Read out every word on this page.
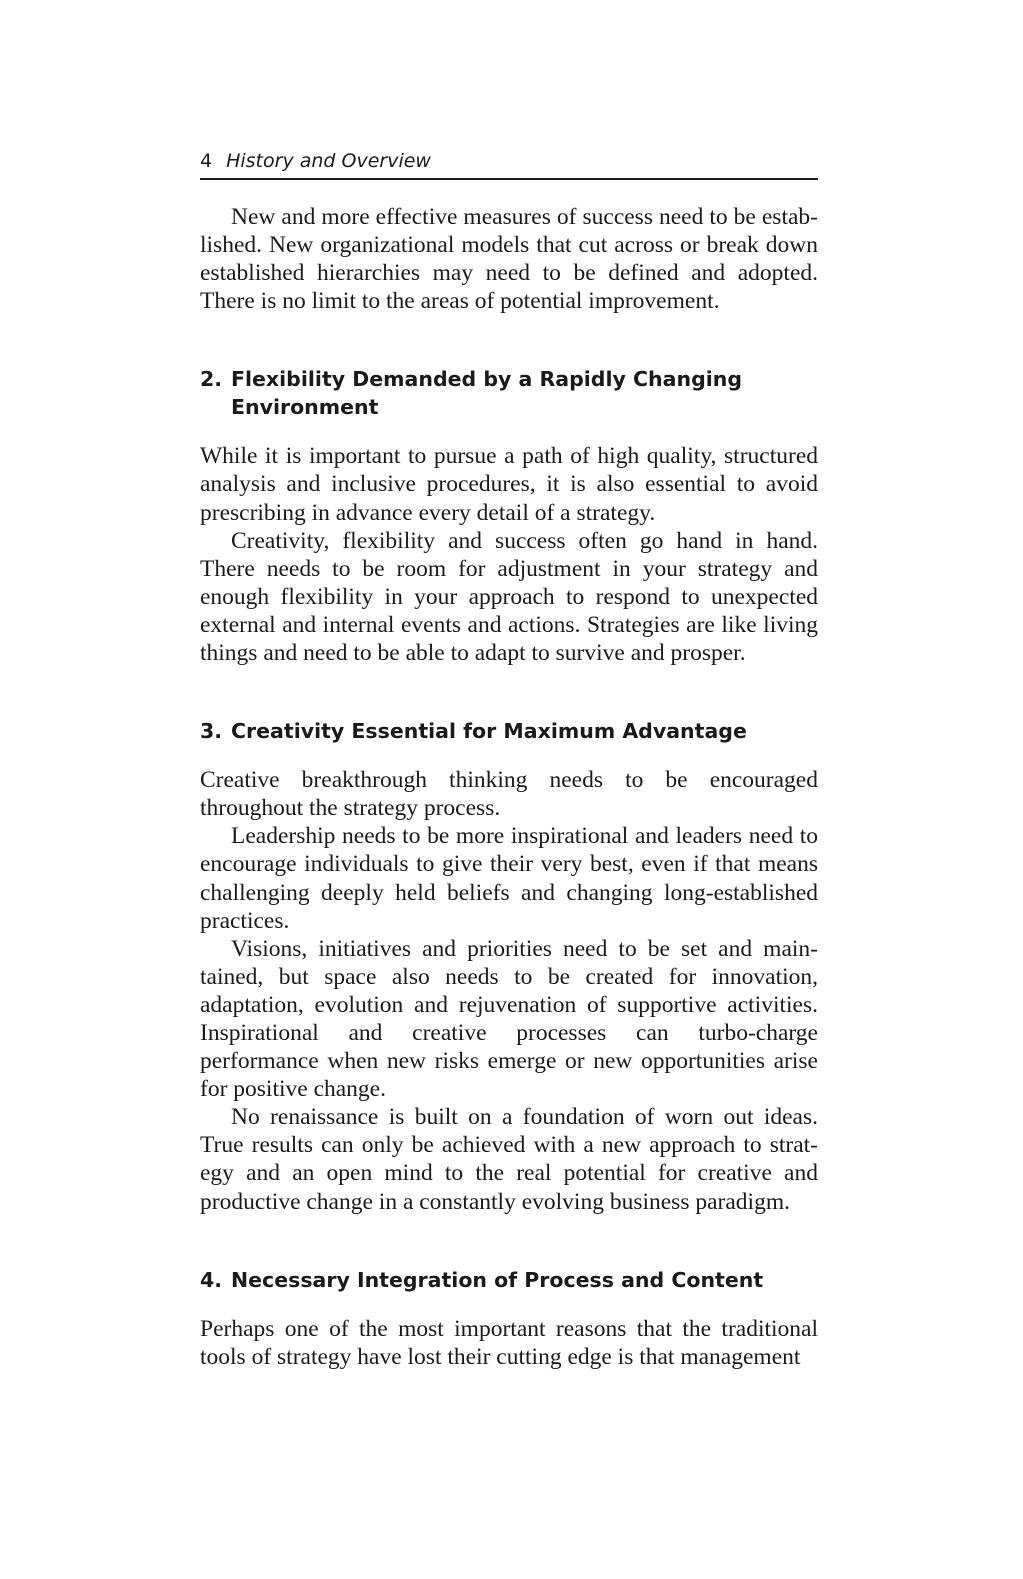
4 History and Overview

New and more effective measures of success need to be established. New organizational models that cut across or break down established hierarchies may need to be defined and adopted. There is no limit to the areas of potential improvement.

2. Flexibility Demanded by a Rapidly Changing Environment

While it is important to pursue a path of high quality, structured analysis and inclusive procedures, it is also essential to avoid prescribing in advance every detail of a strategy.

Creativity, flexibility and success often go hand in hand. There needs to be room for adjustment in your strategy and enough flexibility in your approach to respond to unexpected external and internal events and actions. Strategies are like living things and need to be able to adapt to survive and prosper.

3. Creativity Essential for Maximum Advantage

Creative breakthrough thinking needs to be encouraged throughout the strategy process.

Leadership needs to be more inspirational and leaders need to encourage individuals to give their very best, even if that means challenging deeply held beliefs and changing long-established practices.

Visions, initiatives and priorities need to be set and maintained, but space also needs to be created for innovation, adaptation, evolution and rejuvenation of supportive activities. Inspirational and creative processes can turbo-charge performance when new risks emerge or new opportunities arise for positive change.

No renaissance is built on a foundation of worn out ideas. True results can only be achieved with a new approach to strategy and an open mind to the real potential for creative and productive change in a constantly evolving business paradigm.

4. Necessary Integration of Process and Content

Perhaps one of the most important reasons that the traditional tools of strategy have lost their cutting edge is that management
